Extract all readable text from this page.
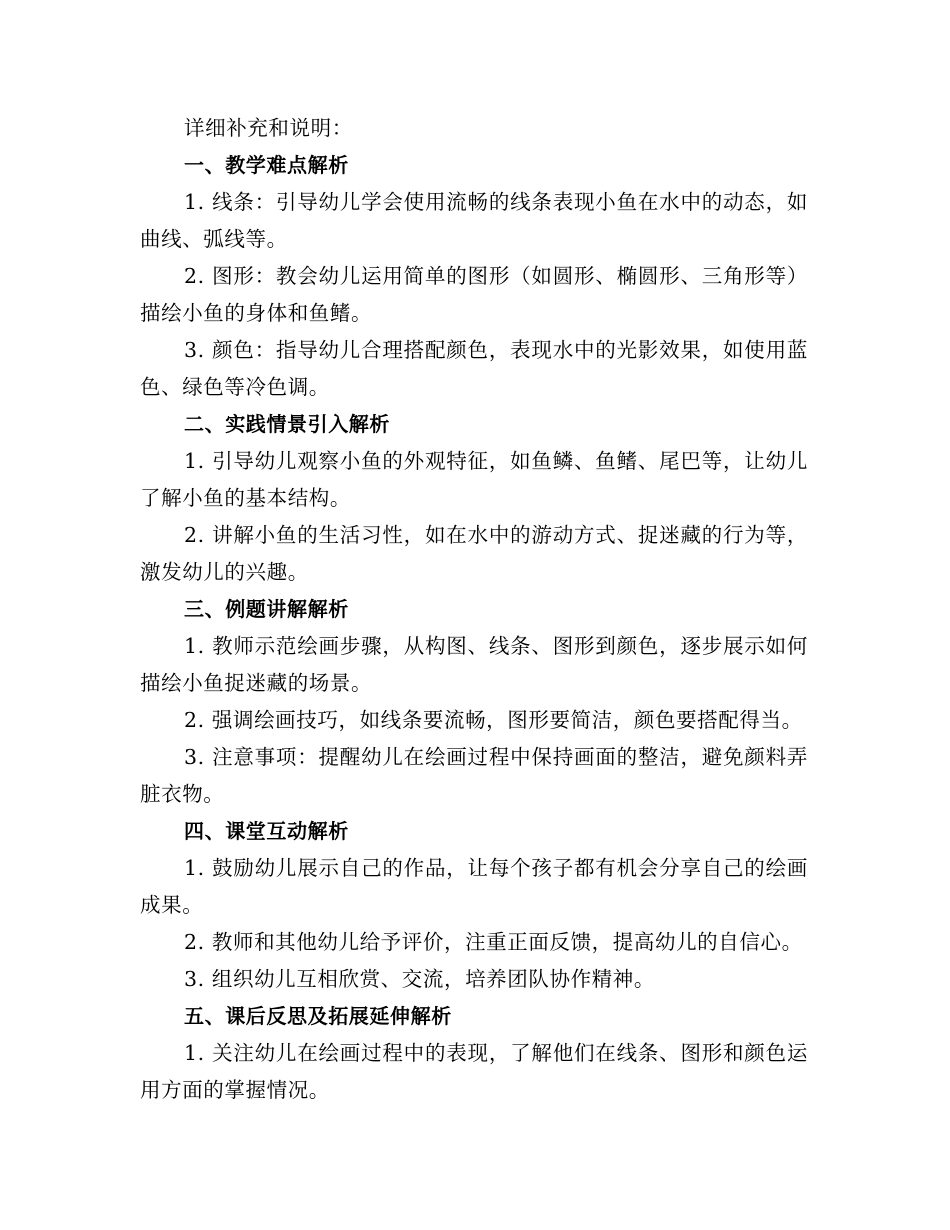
详细补充和说明：

一、教学难点解析

1. 线条：引导幼儿学会使用流畅的线条表现小鱼在水中的动态，如曲线、弧线等。

2. 图形：教会幼儿运用简单的图形（如圆形、椭圆形、三角形等）描绘小鱼的身体和鱼鳍。

3. 颜色：指导幼儿合理搭配颜色，表现水中的光影效果，如使用蓝色、绿色等冷色调。

二、实践情景引入解析

1. 引导幼儿观察小鱼的外观特征，如鱼鳞、鱼鳍、尾巴等，让幼儿了解小鱼的基本结构。

2. 讲解小鱼的生活习性，如在水中的游动方式、捉迷藏的行为等，激发幼儿的兴趣。

三、例题讲解解析

1. 教师示范绘画步骤，从构图、线条、图形到颜色，逐步展示如何描绘小鱼捉迷藏的场景。

2. 强调绘画技巧，如线条要流畅，图形要简洁，颜色要搭配得当。

3. 注意事项：提醒幼儿在绘画过程中保持画面的整洁，避免颜料弄脏衣物。

四、课堂互动解析

1. 鼓励幼儿展示自己的作品，让每个孩子都有机会分享自己的绘画成果。

2. 教师和其他幼儿给予评价，注重正面反馈，提高幼儿的自信心。

3. 组织幼儿互相欣赏、交流，培养团队协作精神。

五、课后反思及拓展延伸解析

1. 关注幼儿在绘画过程中的表现，了解他们在线条、图形和颜色运用方面的掌握情况。
